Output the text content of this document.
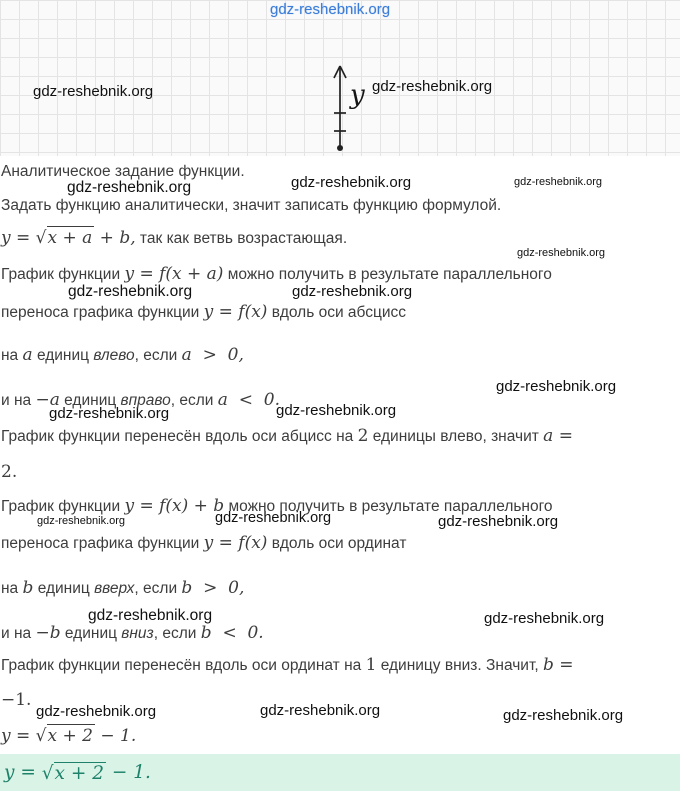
y
gdz-reshebnik.org
gdz-reshebnik.org	gdz-reshebnik.org
gdz-reshebnik.org	gdz-reshebnik.org	gdz-reshebnik.org
gdz-reshebnik.org
gdz-reshebnik.org	gdz-reshebnik.org
gdz-reshebnik.org
gdz-reshebnik.org	gdz-reshebnik.org
gdz-reshebnik.org	gdz-reshebnik.org	gdz-reshebnik.org
gdz-reshebnik.org	gdz-reshebnik.org
gdz-reshebnik.org	gdz-reshebnik.org	gdz-reshebnik.org
Аналитическое задание функции.
Задать функцию аналитически, значит записать функцию формулой.
y = √x + a + b, так как ветвь возрастающая.
График функции y = f(x + a) можно получить в результате параллельного
переноса графика функции y = f(x) вдоль оси абсцисс
на a единиц влево, если a  >  0,
и на −a единиц вправо, если a  <  0.
График функции перенесён вдоль оси абцисс на 2 единицы влево, значит a =
2.
График функции y = f(x) + b можно получить в результате параллельного
переноса графика функции y = f(x) вдоль оси ординат
на b единиц вверх, если b  >  0,
и на −b единиц вниз, если b  <  0.
График функции перенесён вдоль оси ординат на 1 единицу вниз. Значит, b =
−1.
y = √x + 2 − 1.
y = √x + 2 − 1.
